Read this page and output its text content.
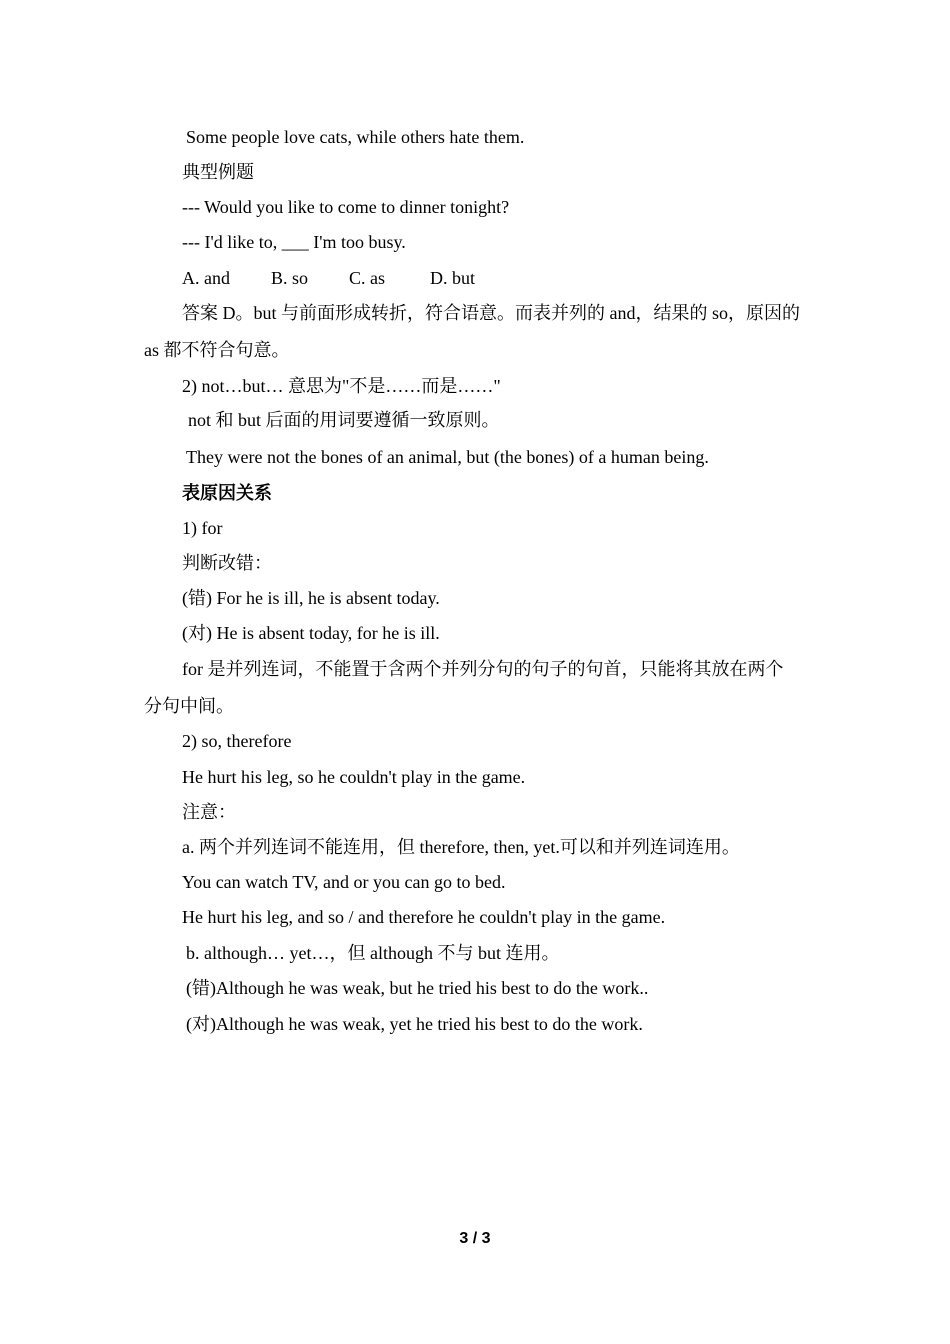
Some people love cats, while others hate them.
典型例题
--- Would you like to come to dinner tonight?
--- I'd like to, ___ I'm too busy.
A. and B. so C. as	D. but
答案 D。but 与前面形成转折，符合语意。而表并列的 and，结果的 so，原因的
as 都不符合句意。
2) not…but… 意思为"不是……而是……"
not 和 but 后面的用词要遵循一致原则。
They were not the bones of an animal, but (the bones) of a human being.
表原因关系
1) for
判断改错：
(错) For he is ill, he is absent today.
(对) He is absent today, for he is ill.
for 是并列连词，不能置于含两个并列分句的句子的句首，只能将其放在两个
分句中间。
2) so, therefore
He hurt his leg, so he couldn't play in the game.
注意：
a. 两个并列连词不能连用，但 therefore, then, yet.可以和并列连词连用。
You can watch TV, and or you can go to bed.
He hurt his leg, and so / and therefore he couldn't play in the game.
b. although… yet…，但 although 不与 but 连用。
(错)Although he was weak, but he tried his best to do the work..
(对)Although he was weak, yet he tried his best to do the work.
3 / 3
